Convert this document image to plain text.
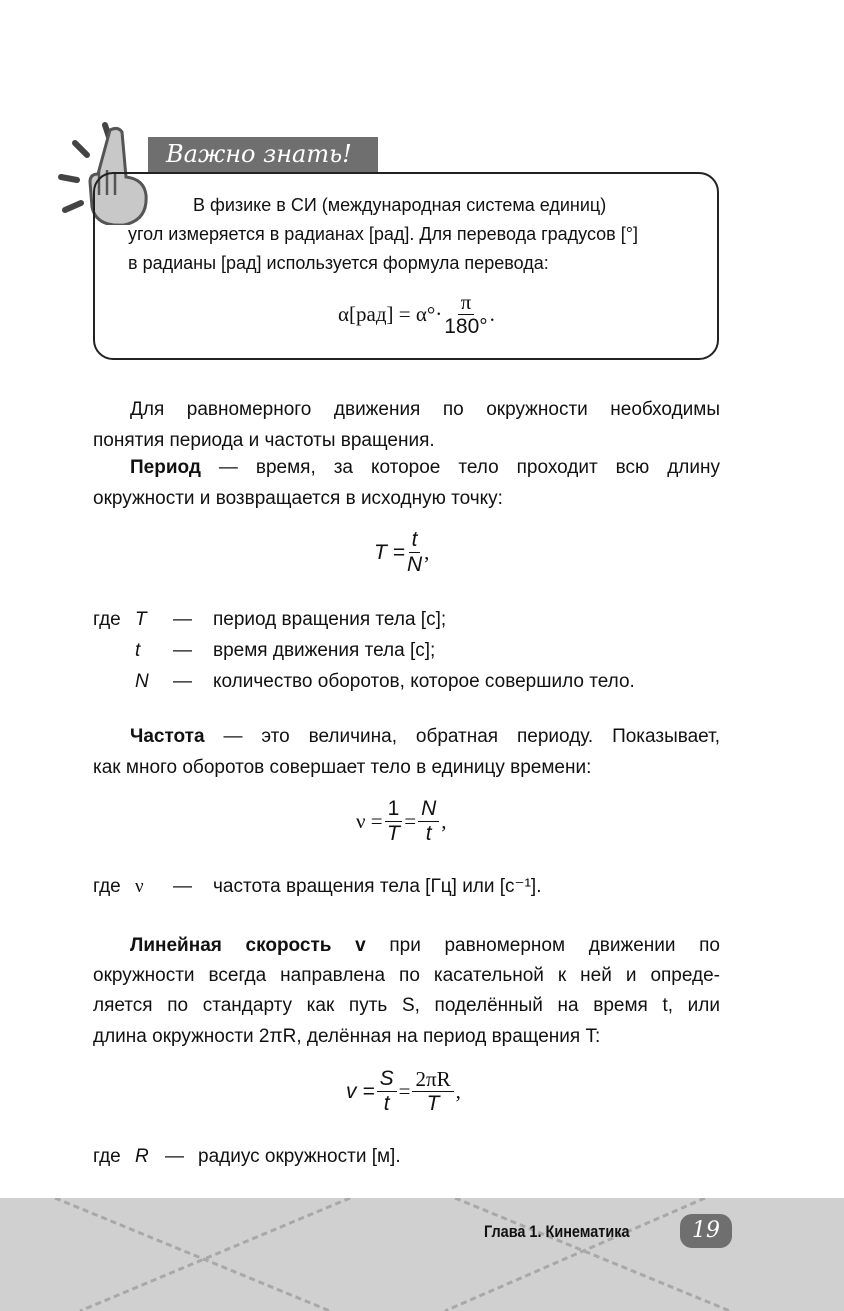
Важно знать!
В физике в СИ (международная система единиц)
угол измеряется в радианах [рад]. Для перевода градусов [°]
в радианы [рад] используется формула перевода:
$\alpha[рад] = \alpha^\circ\cdot \frac{\pi}{180^\circ}$ .
Для равномерного движения по окружности необходимы
понятия периода и частоты вращения.
Период — время, за которое тело проходит всю длину
окружности и возвращается в исходную точку:
$T = \frac{t}{N}$ ,
где T — период вращения тела [с];
t — время движения тела [с];
N — количество оборотов, которое совершило тело.
Частота — это величина, обратная периоду. Показывает,
как много оборотов совершает тело в единицу времени:
$\nu = \frac{1}{T} = \frac{N}{t}$ ,
где ν — частота вращения тела [Гц] или [с⁻¹].
Линейная скорость v при равномерном движении по
окружности всегда направлена по касательной к ней и опреде-
ляется по стандарту как путь S, поделённый на время t, или
длина окружности 2πR, делённая на период вращения T:
$v = \frac{S}{t} = \frac{2\pi R}{T}$ ,
где R — радиус окружности [м].
Глава 1. Кинематика	19
